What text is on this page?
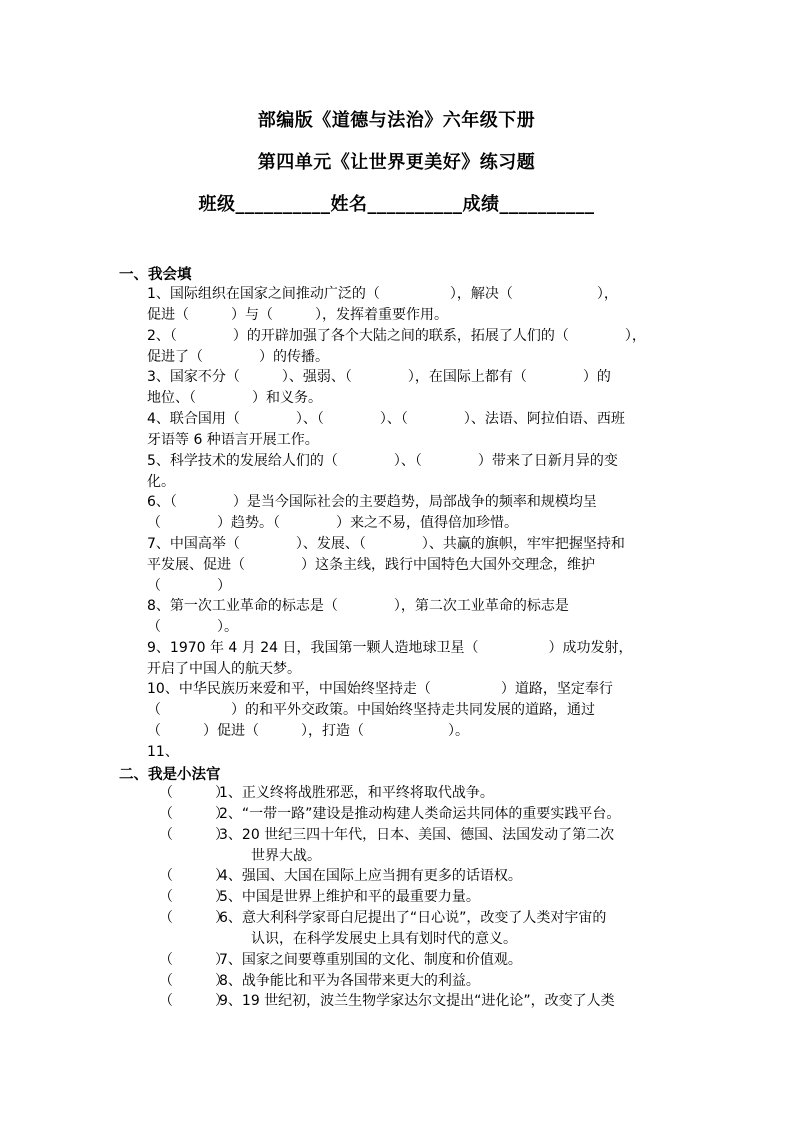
部编版《道德与法治》六年级下册
第四单元《让世界更美好》练习题
班级__________姓名__________成绩__________
一、我会填
1、国际组织在国家之间推动广泛的（　　　　　），解决（　　　　　　），
促进（　　　）与（　　　），发挥着重要作用。
2、（　　　　）的开辟加强了各个大陆之间的联系，拓展了人们的（　　　　），
促进了（　　　　）的传播。
3、国家不分（　　　）、强弱、（　　　　），在国际上都有（　　　　）的
地位、（　　　　）和义务。
4、联合国用（　　　　）、（　　　　）、（　　　　）、法语、阿拉伯语、西班
牙语等 6 种语言开展工作。
5、科学技术的发展给人们的（　　　　）、（　　　　）带来了日新月异的变
化。
6、（　　　　）是当今国际社会的主要趋势，局部战争的频率和规模均呈
（　　　　）趋势。（　　　　）来之不易，值得倍加珍惜。
7、中国高举（　　　　）、发展、（　　　　）、共赢的旗帜，牢牢把握坚持和
平发展、促进（　　　　）这条主线，践行中国特色大国外交理念，维护
（　　　　）
8、第一次工业革命的标志是（　　　　），第二次工业革命的标志是
（　　　　）。
9、1970 年 4 月 24 日，我国第一颗人造地球卫星（　　　　　）成功发射，
开启了中国人的航天梦。
10、中华民族历来爱和平，中国始终坚持走（　　　　　）道路，坚定奉行
（　　　　　）的和平外交政策。中国始终坚持走共同发展的道路，通过
（　　　）促进（　　　），打造（　　　　　　）。
11、
二、我是小法官
（　　　）1、正义终将战胜邪恶，和平终将取代战争。
（　　　）2、“一带一路”建设是推动构建人类命运共同体的重要实践平台。
（　　　）3、20 世纪三四十年代，日本、美国、德国、法国发动了第二次
世界大战。
（　　　）4、强国、大国在国际上应当拥有更多的话语权。
（　　　）5、中国是世界上维护和平的最重要力量。
（　　　）6、意大利科学家哥白尼提出了“日心说”，改变了人类对宇宙的
认识，在科学发展史上具有划时代的意义。
（　　　）7、国家之间要尊重别国的文化、制度和价值观。
（　　　）8、战争能比和平为各国带来更大的利益。
（　　　）9、19 世纪初，波兰生物学家达尔文提出“进化论”，改变了人类
